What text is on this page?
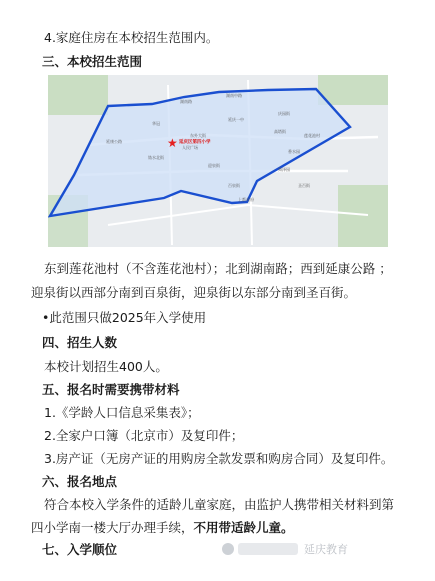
4.家庭住房在本校招生范围内。
三、本校招生范围
湖南路
湖南中路
庆园街
高塔街
东外大街
延康公路
妫水北街
迎泉街
百泉街
舜泽园
上都首府
香水园
莲花池村
延庆一中
人民广场
圣百街
华冠
★ 延庆区第四小学
东到莲花池村（不含莲花池村）；北到湖南路；西到延康公路 ；
迎泉街以西部分南到百泉街，迎泉街以东部分南到圣百街。
•此范围只做2025年入学使用
四、招生人数
本校计划招生400人。
五、报名时需要携带材料
1.《学龄人口信息采集表》；
2.全家户口簿（北京市）及复印件；
3.房产证（无房产证的用购房全款发票和购房合同）及复印件。
六、报名地点
符合本校入学条件的适龄儿童家庭，由监护人携带相关材料到第
四小学南一楼大厅办理手续，不用带适龄儿童。
七、入学顺位	延庆教育
